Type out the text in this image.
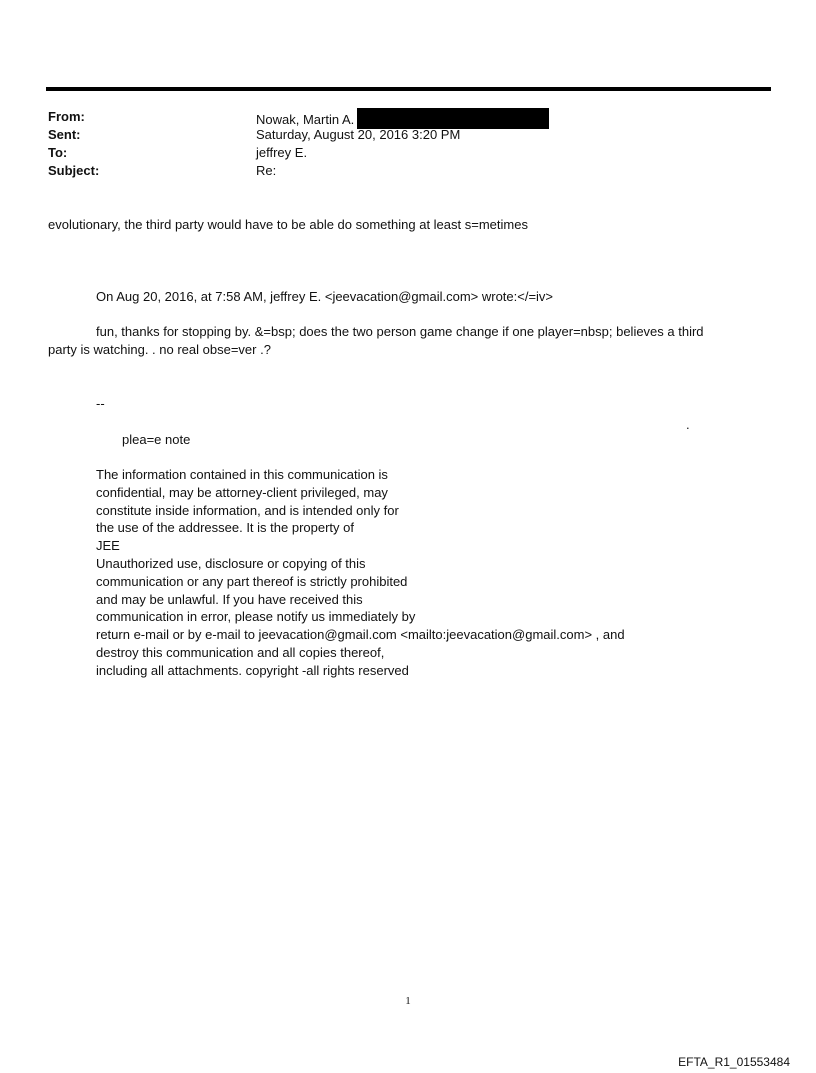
From:	Nowak, Martin A.
Sent:	Saturday, August 20, 2016 3:20 PM
To:	jeffrey E.
Subject:	Re:
evolutionary, the third party would have to be able do something at least s=metimes
On Aug 20, 2016, at 7:58 AM, jeffrey E. <jeevacation@gmail.com> wrote:</=iv>
fun, thanks for stopping by. &=bsp; does the two person game change if one player=nbsp; believes a third
party is watching. . no real obse=ver .?
--
.
plea=e note
The information contained in this communication is
confidential, may be attorney-client privileged, may
constitute inside information, and is intended only for
the use of the addressee. It is the property of
JEE
Unauthorized use, disclosure or copying of this
communication or any part thereof is strictly prohibited
and may be unlawful. If you have received this
communication in error, please notify us immediately by
return e-mail or by e-mail to jeevacation@gmail.com <mailto:jeevacation@gmail.com> , and
destroy this communication and all copies thereof,
including all attachments. copyright -all rights reserved
1
EFTA_R1_01553484
